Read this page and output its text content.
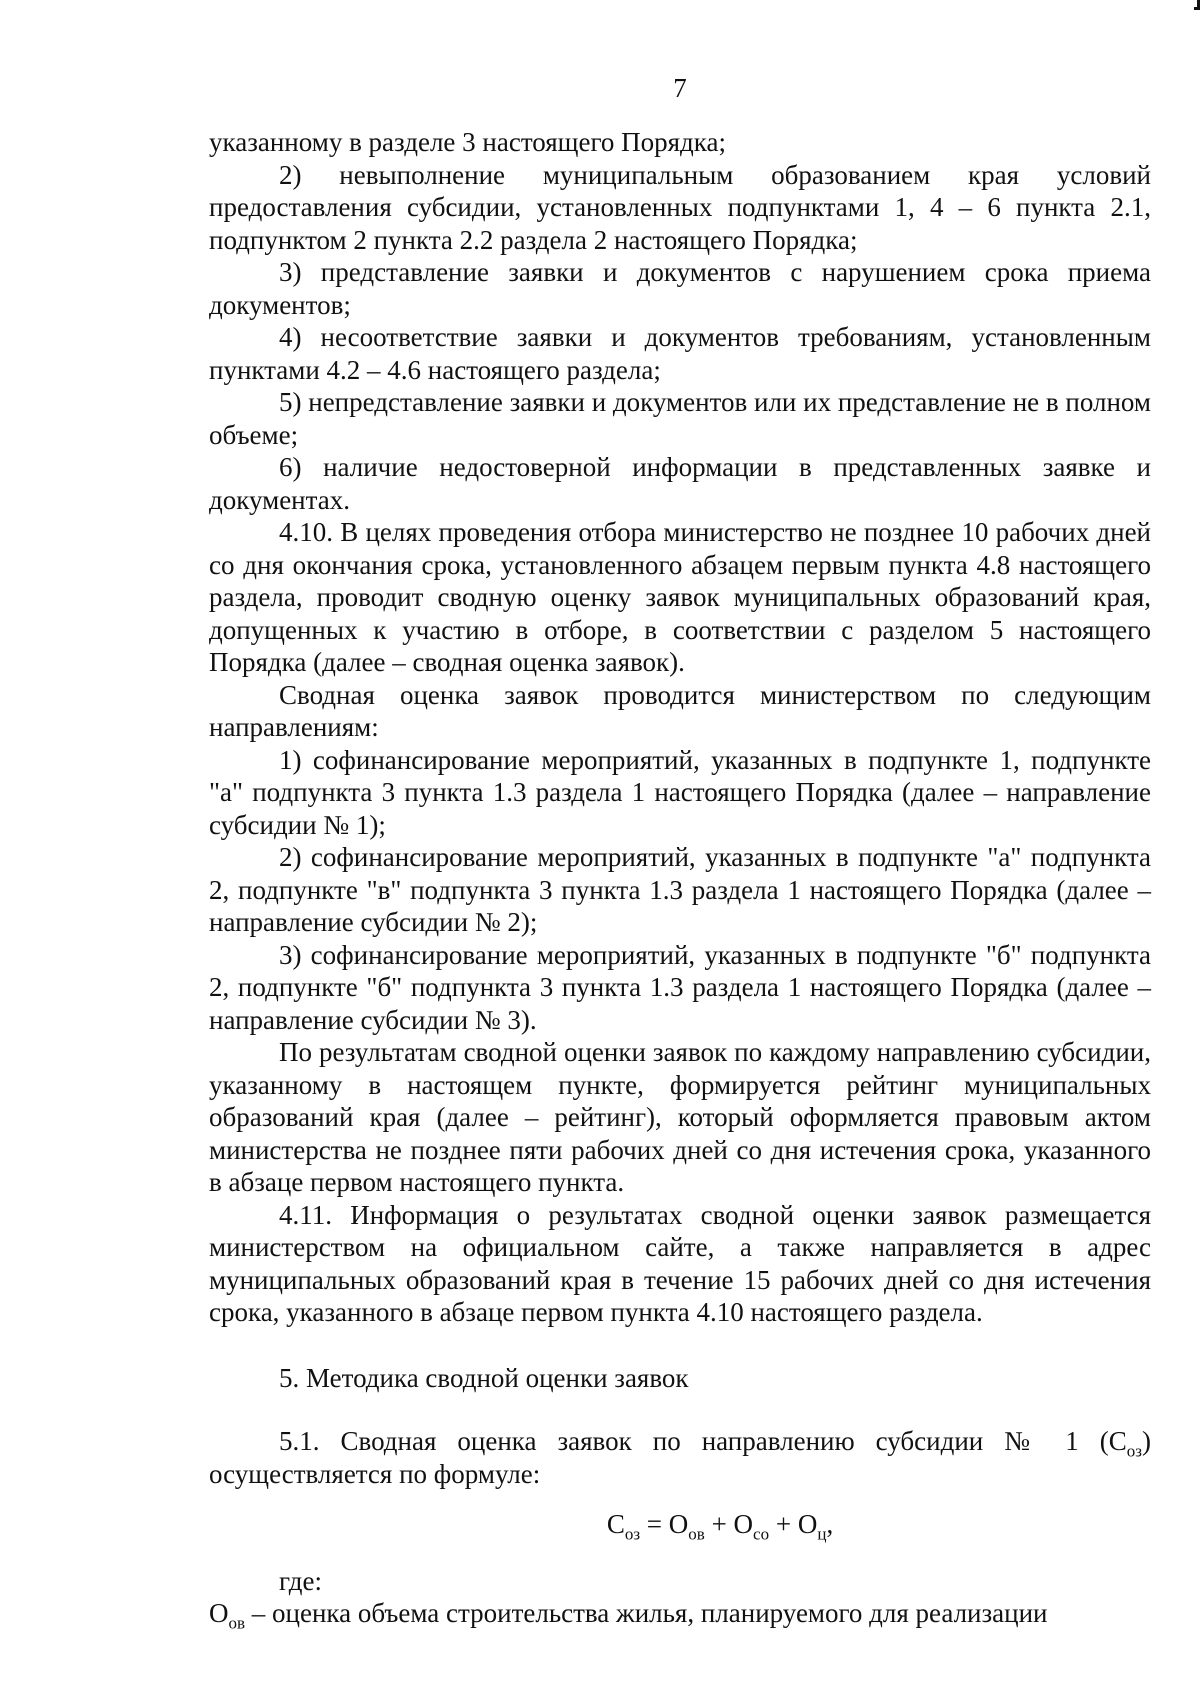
7

указанному в разделе 3 настоящего Порядка;

2) невыполнение муниципальным образованием края условий предоставления субсидии, установленных подпунктами 1, 4 – 6 пункта 2.1, подпунктом 2 пункта 2.2 раздела 2 настоящего Порядка;

3) представление заявки и документов с нарушением срока приема документов;

4) несоответствие заявки и документов требованиям, установленным пунктами 4.2 – 4.6 настоящего раздела;

5) непредставление заявки и документов или их представление не в полном объеме;

6) наличие недостоверной информации в представленных заявке и документах.

4.10. В целях проведения отбора министерство не позднее 10 рабочих дней со дня окончания срока, установленного абзацем первым пункта 4.8 настоящего раздела, проводит сводную оценку заявок муниципальных образований края, допущенных к участию в отборе, в соответствии с разделом 5 настоящего Порядка (далее – сводная оценка заявок).

Сводная оценка заявок проводится министерством по следующим направлениям:

1) софинансирование мероприятий, указанных в подпункте 1, подпункте "а" подпункта 3 пункта 1.3 раздела 1 настоящего Порядка (далее – направление субсидии № 1);

2) софинансирование мероприятий, указанных в подпункте "а" подпункта 2, подпункте "в" подпункта 3 пункта 1.3 раздела 1 настоящего Порядка (далее – направление субсидии № 2);

3) софинансирование мероприятий, указанных в подпункте "б" подпункта 2, подпункте "б" подпункта 3 пункта 1.3 раздела 1 настоящего Порядка (далее – направление субсидии № 3).

По результатам сводной оценки заявок по каждому направлению субсидии, указанному в настоящем пункте, формируется рейтинг муниципальных образований края (далее – рейтинг), который оформляется правовым актом министерства не позднее пяти рабочих дней со дня истечения срока, указанного в абзаце первом настоящего пункта.

4.11. Информация о результатах сводной оценки заявок размещается министерством на официальном сайте, а также направляется в адрес муниципальных образований края в течение 15 рабочих дней со дня истечения срока, указанного в абзаце первом пункта 4.10 настоящего раздела.

5. Методика сводной оценки заявок

5.1. Сводная оценка заявок по направлению субсидии № 1 $(С_{оз})$ осуществляется по формуле:

$С_{оз} = О_{ов} + О_{со} + О_ц$,

где:

$О_{ов}$ – оценка объема строительства жилья, планируемого для реализации
